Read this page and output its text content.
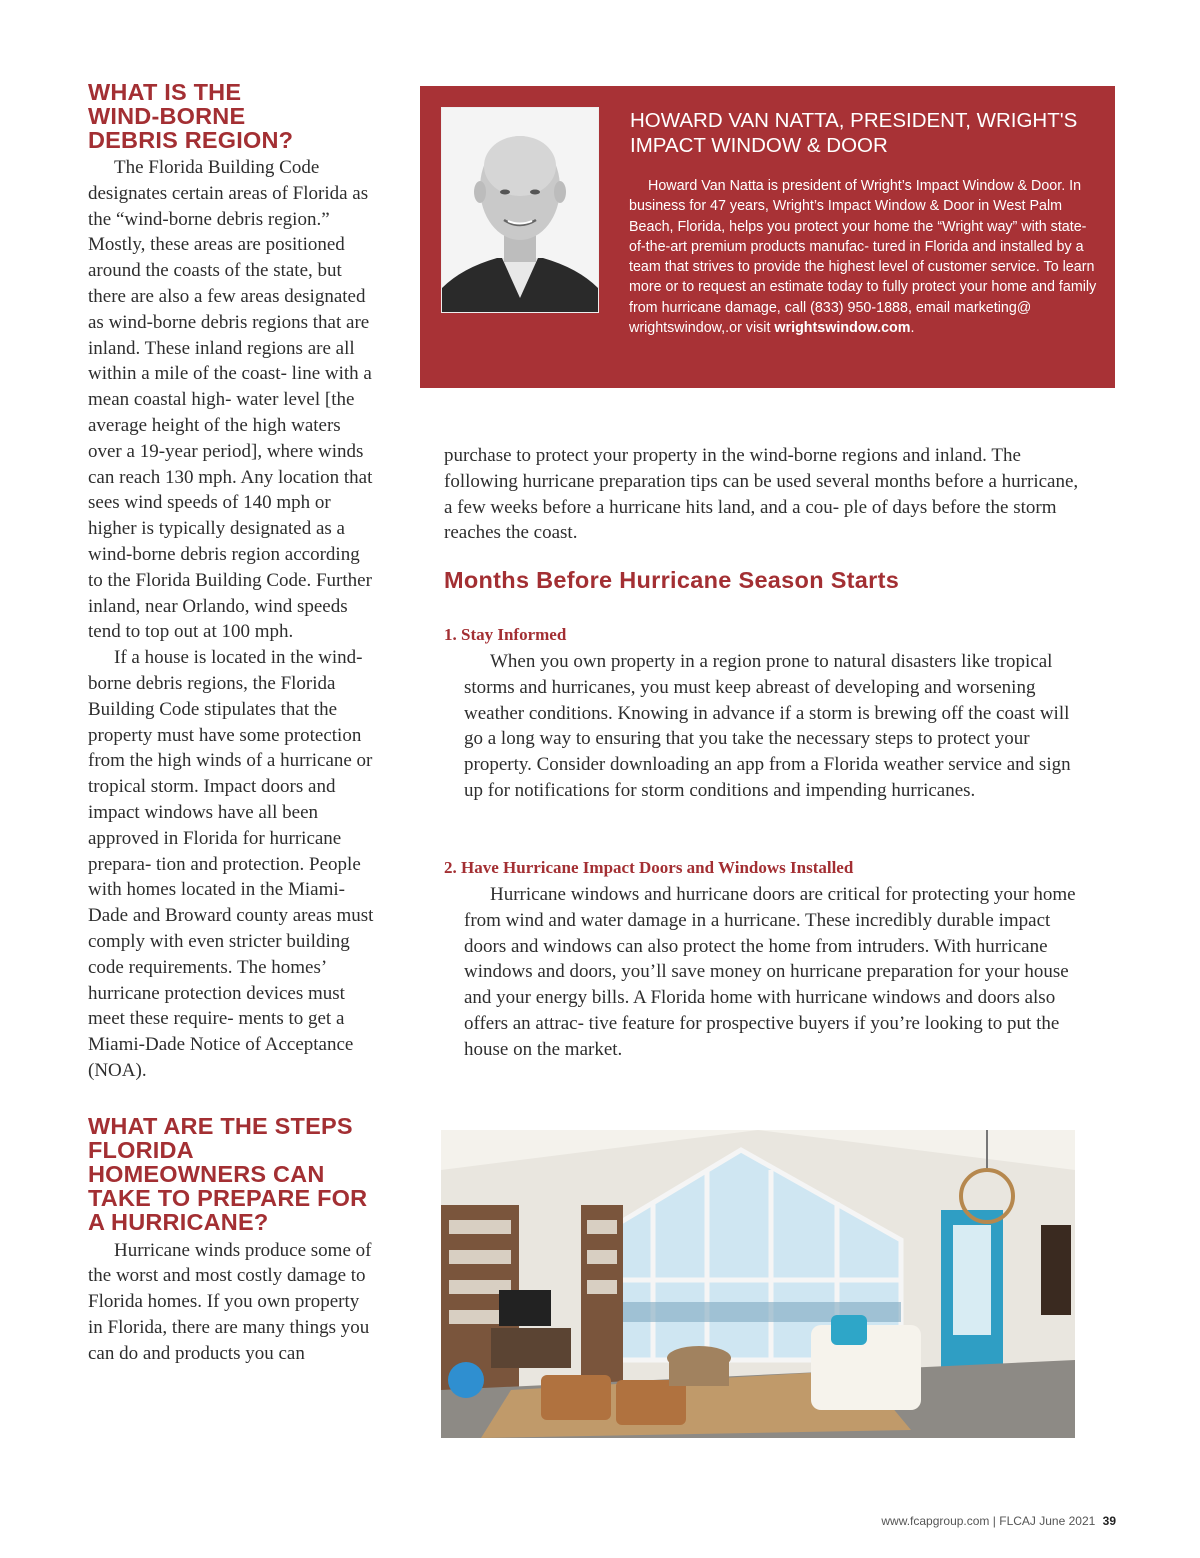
WHAT IS THE WIND-BORNE DEBRIS REGION?

The Florida Building Code designates certain areas of Florida as the “wind-borne debris region.” Mostly, these areas are positioned around the coasts of the state, but there are also a few areas designated as wind-borne debris regions that are inland. These inland regions are all within a mile of the coast- line with a mean coastal high- water level [the average height of the high waters over a 19-year period], where winds can reach 130 mph. Any location that sees wind speeds of 140 mph or higher is typically designated as a wind-borne debris region according to the Florida Building Code. Further inland, near Orlando, wind speeds tend to top out at 100 mph.

If a house is located in the wind-borne debris regions, the Florida Building Code stipulates that the property must have some protection from the high winds of a hurricane or tropical storm. Impact doors and impact windows have all been approved in Florida for hurricane prepara- tion and protection. People with homes located in the Miami- Dade and Broward county areas must comply with even stricter building code requirements. The homes’ hurricane protection devices must meet these require- ments to get a Miami-Dade Notice of Acceptance (NOA).

WHAT ARE THE STEPS FLORIDA HOMEOWNERS CAN TAKE TO PREPARE FOR A HURRICANE?

Hurricane winds produce some of the worst and most costly damage to Florida homes. If you own property in Florida, there are many things you can do and products you can

HOWARD VAN NATTA, PRESIDENT, WRIGHT'S IMPACT WINDOW & DOOR
Howard Van Natta is president of Wright’s Impact Window & Door. In business for 47 years, Wright’s Impact Window & Door in West Palm Beach, Florida, helps you protect your home the “Wright way” with state-of-the-art premium products manufac- tured in Florida and installed by a team that strives to provide the highest level of customer service. To learn more or to request an estimate today to fully protect your home and family from hurricane damage, call (833) 950-1888, email marketing@ wrightswindow,.or visit wrightswindow.com.
purchase to protect your property in the wind-borne regions and inland. The following hurricane preparation tips can be used several months before a hurricane, a few weeks before a hurricane hits land, and a cou- ple of days before the storm reaches the coast.
Months Before Hurricane Season Starts
1. Stay Informed

When you own property in a region prone to natural disasters like tropical storms and hurricanes, you must keep abreast of developing and worsening weather conditions. Knowing in advance if a storm is brewing off the coast will go a long way to ensuring that you take the necessary steps to protect your property. Consider downloading an app from a Florida weather service and sign up for notifications for storm conditions and impending hurricanes.

2. Have Hurricane Impact Doors and Windows Installed

Hurricane windows and hurricane doors are critical for protecting your home from wind and water damage in a hurricane. These incredibly durable impact doors and windows can also protect the home from intruders. With hurricane windows and doors, you’ll save money on hurricane preparation for your house and your energy bills. A Florida home with hurricane windows and doors also offers an attrac- tive feature for prospective buyers if you’re looking to put the house on the market.

www.fcapgroup.com | FLCAJ June 2021 39
